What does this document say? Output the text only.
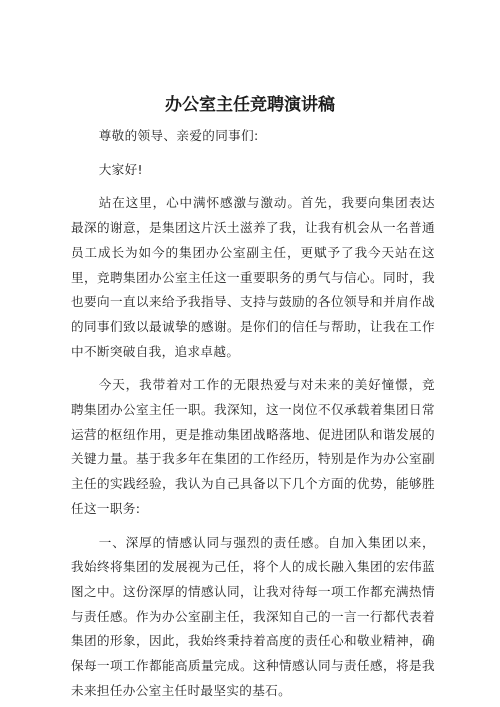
办公室主任竞聘演讲稿

尊敬的领导、亲爱的同事们:

大家好!

站在这里，心中满怀感激与激动。首先，我要向集团表达最深的谢意，是集团这片沃土滋养了我，让我有机会从一名普通员工成长为如今的集团办公室副主任，更赋予了我今天站在这里，竞聘集团办公室主任这一重要职务的勇气与信心。同时，我也要向一直以来给予我指导、支持与鼓励的各位领导和并肩作战的同事们致以最诚挚的感谢。是你们的信任与帮助，让我在工作中不断突破自我，追求卓越。

今天，我带着对工作的无限热爱与对未来的美好憧憬，竞聘集团办公室主任一职。我深知，这一岗位不仅承载着集团日常运营的枢纽作用，更是推动集团战略落地、促进团队和谐发展的关键力量。基于我多年在集团的工作经历，特别是作为办公室副主任的实践经验，我认为自己具备以下几个方面的优势，能够胜任这一职务:

一、深厚的情感认同与强烈的责任感。自加入集团以来，我始终将集团的发展视为己任，将个人的成长融入集团的宏伟蓝图之中。这份深厚的情感认同，让我对待每一项工作都充满热情与责任感。作为办公室副主任，我深知自己的一言一行都代表着集团的形象，因此，我始终秉持着高度的责任心和敬业精神，确保每一项工作都能高质量完成。这种情感认同与责任感，将是我未来担任办公室主任时最坚实的基石。
